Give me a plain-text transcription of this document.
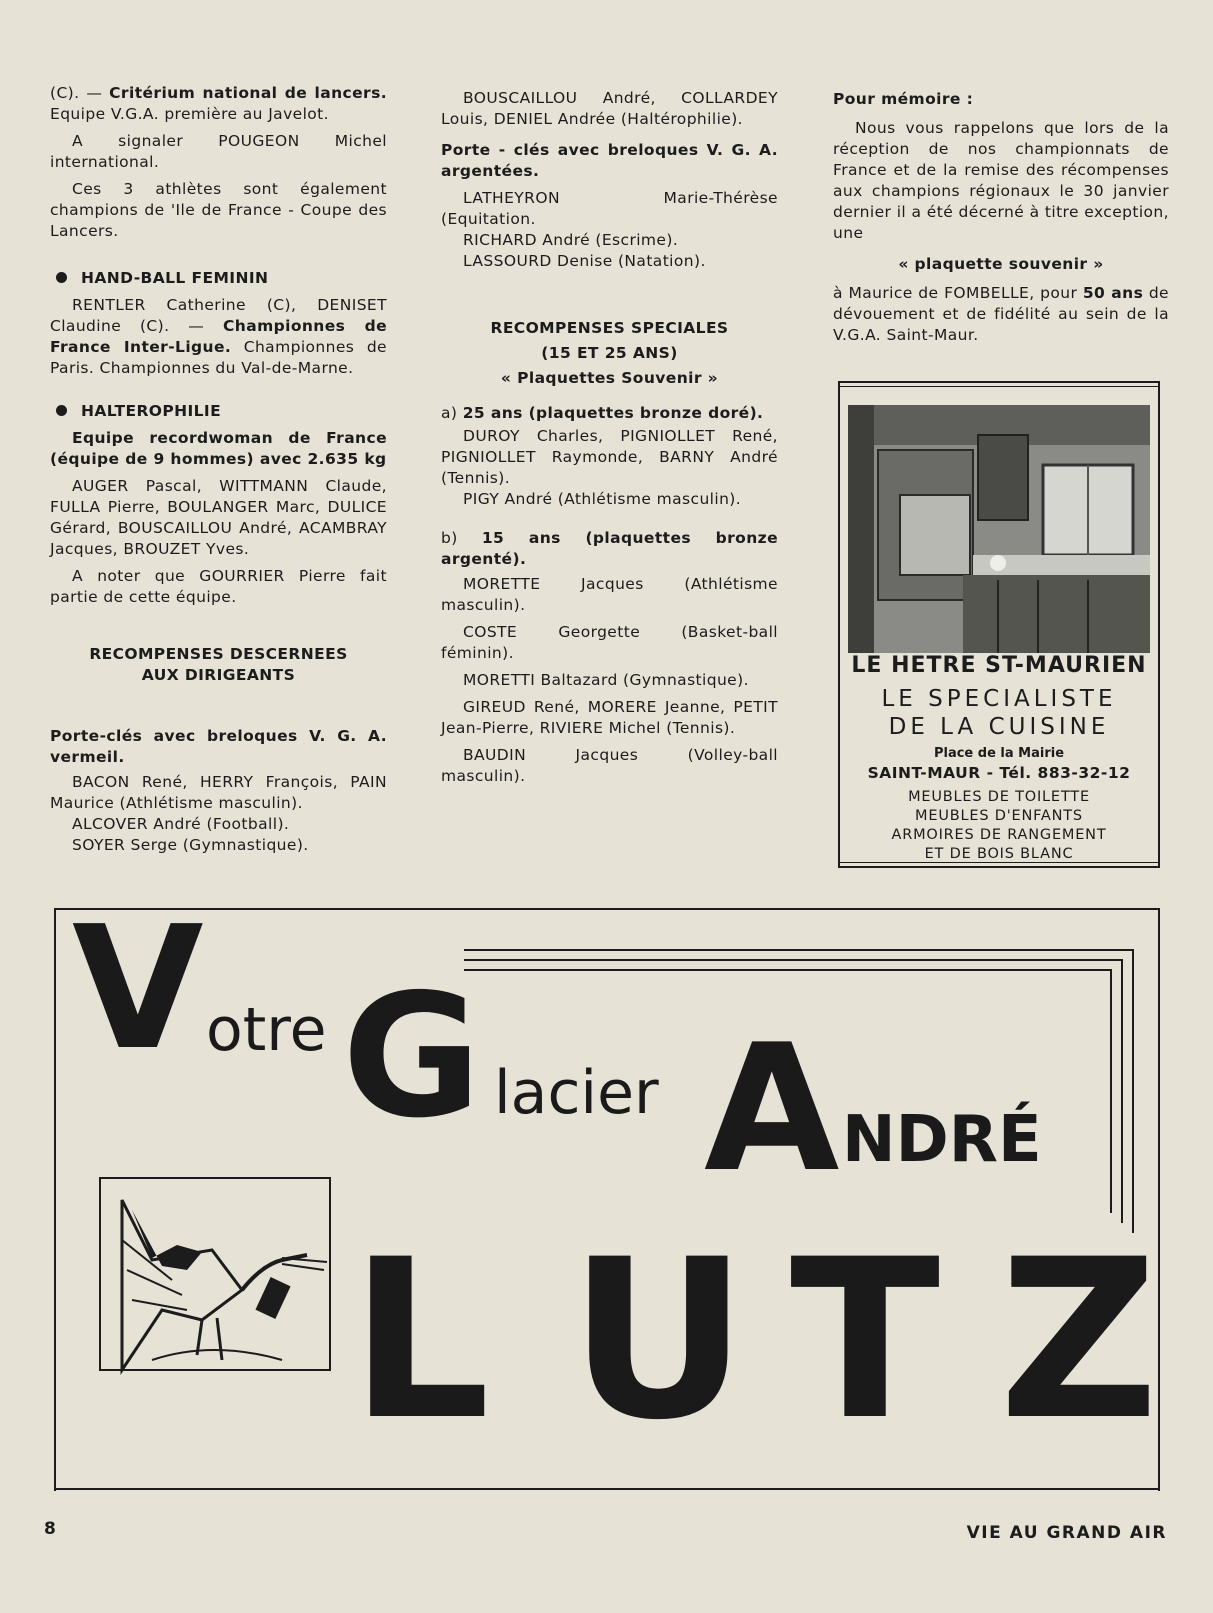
(C). — Critérium national de lancers. Equipe V.G.A. première au Javelot.

A signaler POUGEON Michel international.

Ces 3 athlètes sont également champions de 'Ile de France - Coupe des Lancers.

HAND-BALL FEMININ

RENTLER Catherine (C), DENISET Claudine (C). — Championnes de France Inter-Ligue. Championnes de Paris. Championnes du Val-de-Marne.

HALTEROPHILIE

Equipe recordwoman de France (équipe de 9 hommes) avec 2.635 kg

AUGER Pascal, WITTMANN Claude, FULLA Pierre, BOULANGER Marc, DULICE Gérard, BOUSCAILLOU André, ACAMBRAY Jacques, BROUZET Yves.

A noter que GOURRIER Pierre fait partie de cette équipe.

RECOMPENSES DESCERNEES

AUX DIRIGEANTS

Porte-clés avec breloques V. G. A. vermeil.

BACON René, HERRY François, PAIN Maurice (Athlétisme masculin).

ALCOVER André (Football).

SOYER Serge (Gymnastique).

BOUSCAILLOU André, COLLARDEY Louis, DENIEL Andrée (Haltérophilie).

Porte - clés avec breloques V. G. A. argentées.

LATHEYRON Marie-Thérèse (Equitation.

RICHARD André (Escrime).

LASSOURD Denise (Natation).

RECOMPENSES SPECIALES

(15 ET 25 ANS)

« Plaquettes Souvenir »

a) 25 ans (plaquettes bronze doré).

DUROY Charles, PIGNIOLLET René, PIGNIOLLET Raymonde, BARNY André (Tennis).

PIGY André (Athlétisme masculin).

b) 15 ans (plaquettes bronze argenté).

MORETTE Jacques (Athlétisme masculin).

COSTE Georgette (Basket-ball féminin).

MORETTI Baltazard (Gymnastique).

GIREUD René, MORERE Jeanne, PETIT Jean-Pierre, RIVIERE Michel (Tennis).

BAUDIN Jacques (Volley-ball masculin).

Pour mémoire :

Nous vous rappelons que lors de la réception de nos championnats de France et de la remise des récompenses aux champions régionaux le 30 janvier dernier il a été décerné à titre exception, une

« plaquette souvenir »

à Maurice de FOMBELLE, pour 50 ans de dévouement et de fidélité au sein de la V.G.A. Saint-Maur.

LE HETRE ST-MAURIEN
LE SPECIALISTE
DE LA CUISINE
Place de la Mairie
SAINT-MAUR - Tél. 883-32-12
MEUBLES DE TOILETTE
MEUBLES D'ENFANTS
ARMOIRES DE RANGEMENT
ET DE BOIS BLANC
V otre G lacier A NDRÉ
L U T Z
8	VIE AU GRAND AIR
